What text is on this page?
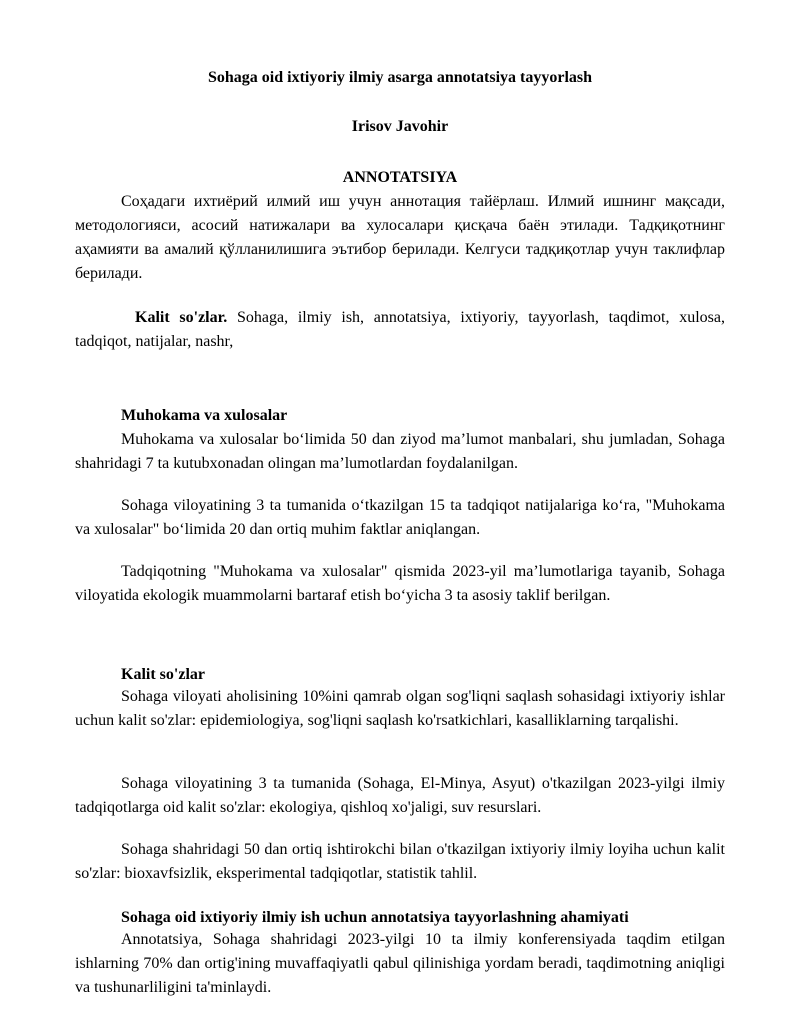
Sohaga oid ixtiyoriy ilmiy asarga annotatsiya tayyorlash
Irisov Javohir
ANNOTATSIYA

Соҳадаги ихтиёрий илмий иш учун аннотация тайёрлаш. Илмий ишнинг мақсади, методологияси, асосий натижалари ва хулосалари қисқача баён этилади. Тадқиқотнинг аҳамияти ва амалий қўлланилишига эътибор берилади. Келгуси тадқиқотлар учун таклифлар берилади.

Kalit so'zlar. Sohaga, ilmiy ish, annotatsiya, ixtiyoriy, tayyorlash, taqdimot, xulosa, tadqiqot, natijalar, nashr,

Muhokama va xulosalar

Muhokama va xulosalar boʻlimida 50 dan ziyod maʼlumot manbalari, shu jumladan, Sohaga shahridagi 7 ta kutubxonadan olingan maʼlumotlardan foydalanilgan.

Sohaga viloyatining 3 ta tumanida oʻtkazilgan 15 ta tadqiqot natijalariga koʻra, "Muhokama va xulosalar" boʻlimida 20 dan ortiq muhim faktlar aniqlangan.

Tadqiqotning "Muhokama va xulosalar" qismida 2023-yil maʼlumotlariga tayanib, Sohaga viloyatida ekologik muammolarni bartaraf etish boʻyicha 3 ta asosiy taklif berilgan.

Kalit so'zlar

Sohaga viloyati aholisining 10%ini qamrab olgan sog'liqni saqlash sohasidagi ixtiyoriy ishlar uchun kalit so'zlar: epidemiologiya, sog'liqni saqlash ko'rsatkichlari, kasalliklarning tarqalishi.

Sohaga viloyatining 3 ta tumanida (Sohaga, El-Minya, Asyut) o'tkazilgan 2023-yilgi ilmiy tadqiqotlarga oid kalit so'zlar: ekologiya, qishloq xo'jaligi, suv resurslari.

Sohaga shahridagi 50 dan ortiq ishtirokchi bilan o'tkazilgan ixtiyoriy ilmiy loyiha uchun kalit so'zlar: bioxavfsizlik, eksperimental tadqiqotlar, statistik tahlil.

Sohaga oid ixtiyoriy ilmiy ish uchun annotatsiya tayyorlashning ahamiyati

Annotatsiya, Sohaga shahridagi 2023-yilgi 10 ta ilmiy konferensiyada taqdim etilgan ishlarning 70% dan ortig'ining muvaffaqiyatli qabul qilinishiga yordam beradi, taqdimotning aniqligi va tushunarliligini ta'minlaydi.
